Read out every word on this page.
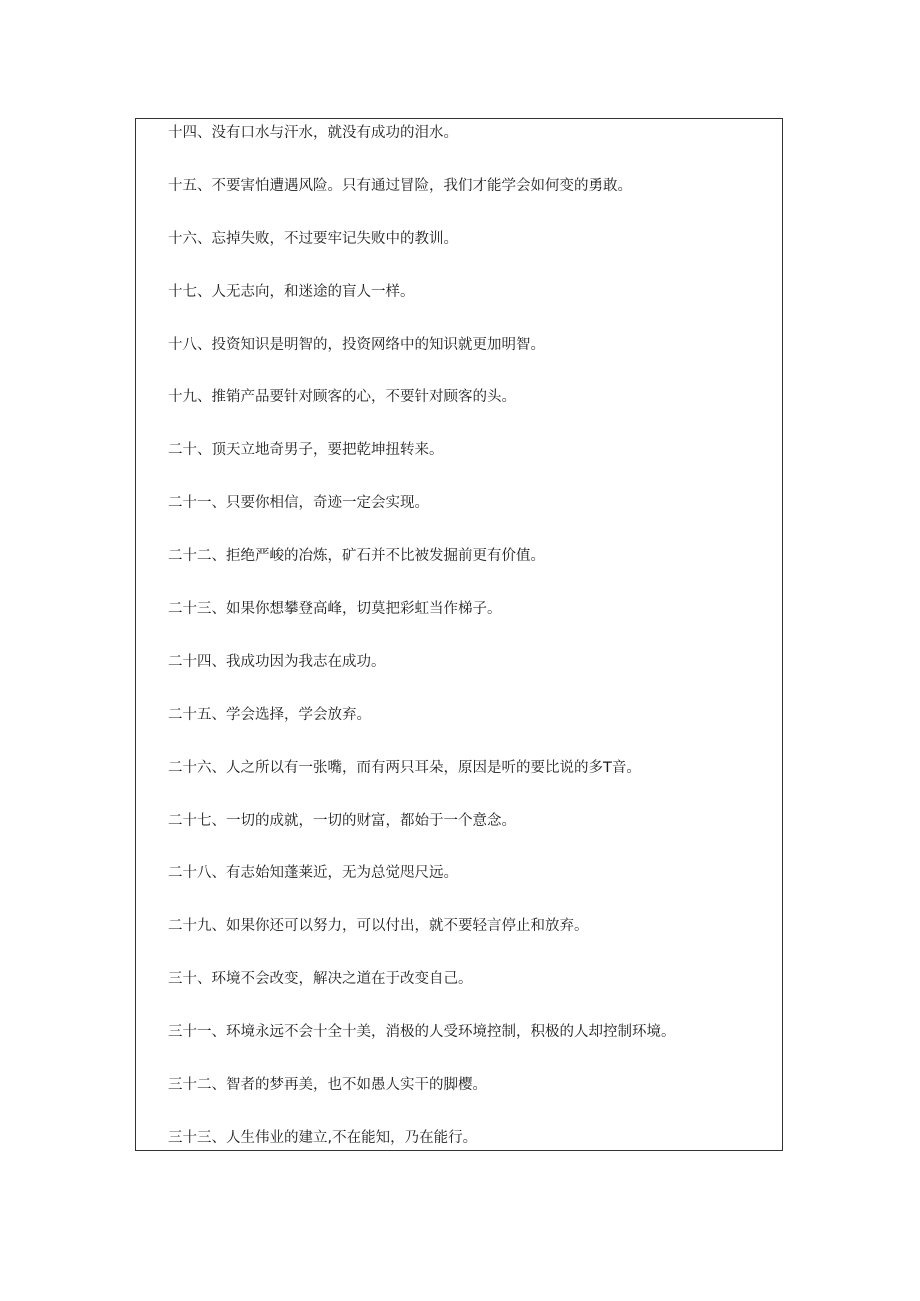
十四、没有口水与汗水，就没有成功的泪水。
十五、不要害怕遭遇风险。只有通过冒险，我们才能学会如何变的勇敢。
十六、忘掉失败，不过要牢记失败中的教训。
十七、人无志向，和迷途的盲人一样。
十八、投资知识是明智的，投资网络中的知识就更加明智。
十九、推销产品要针对顾客的心，不要针对顾客的头。
二十、顶天立地奇男子，要把乾坤扭转来。
二十一、只要你相信，奇迹一定会实现。
二十二、拒绝严峻的冶炼，矿石并不比被发掘前更有价值。
二十三、如果你想攀登高峰，切莫把彩虹当作梯子。
二十四、我成功因为我志在成功。
二十五、学会选择，学会放弃。
二十六、人之所以有一张嘴，而有两只耳朵，原因是听的要比说的多T音。
二十七、一切的成就，一切的财富，都始于一个意念。
二十八、有志始知蓬莱近，无为总觉咫尺远。
二十九、如果你还可以努力，可以付出，就不要轻言停止和放弃。
三十、环境不会改变，解决之道在于改变自己。
三十一、环境永远不会十全十美，消极的人受环境控制，积极的人却控制环境。
三十二、智者的梦再美，也不如愚人实干的脚樱。
三十三、人生伟业的建立,不在能知，乃在能行。
